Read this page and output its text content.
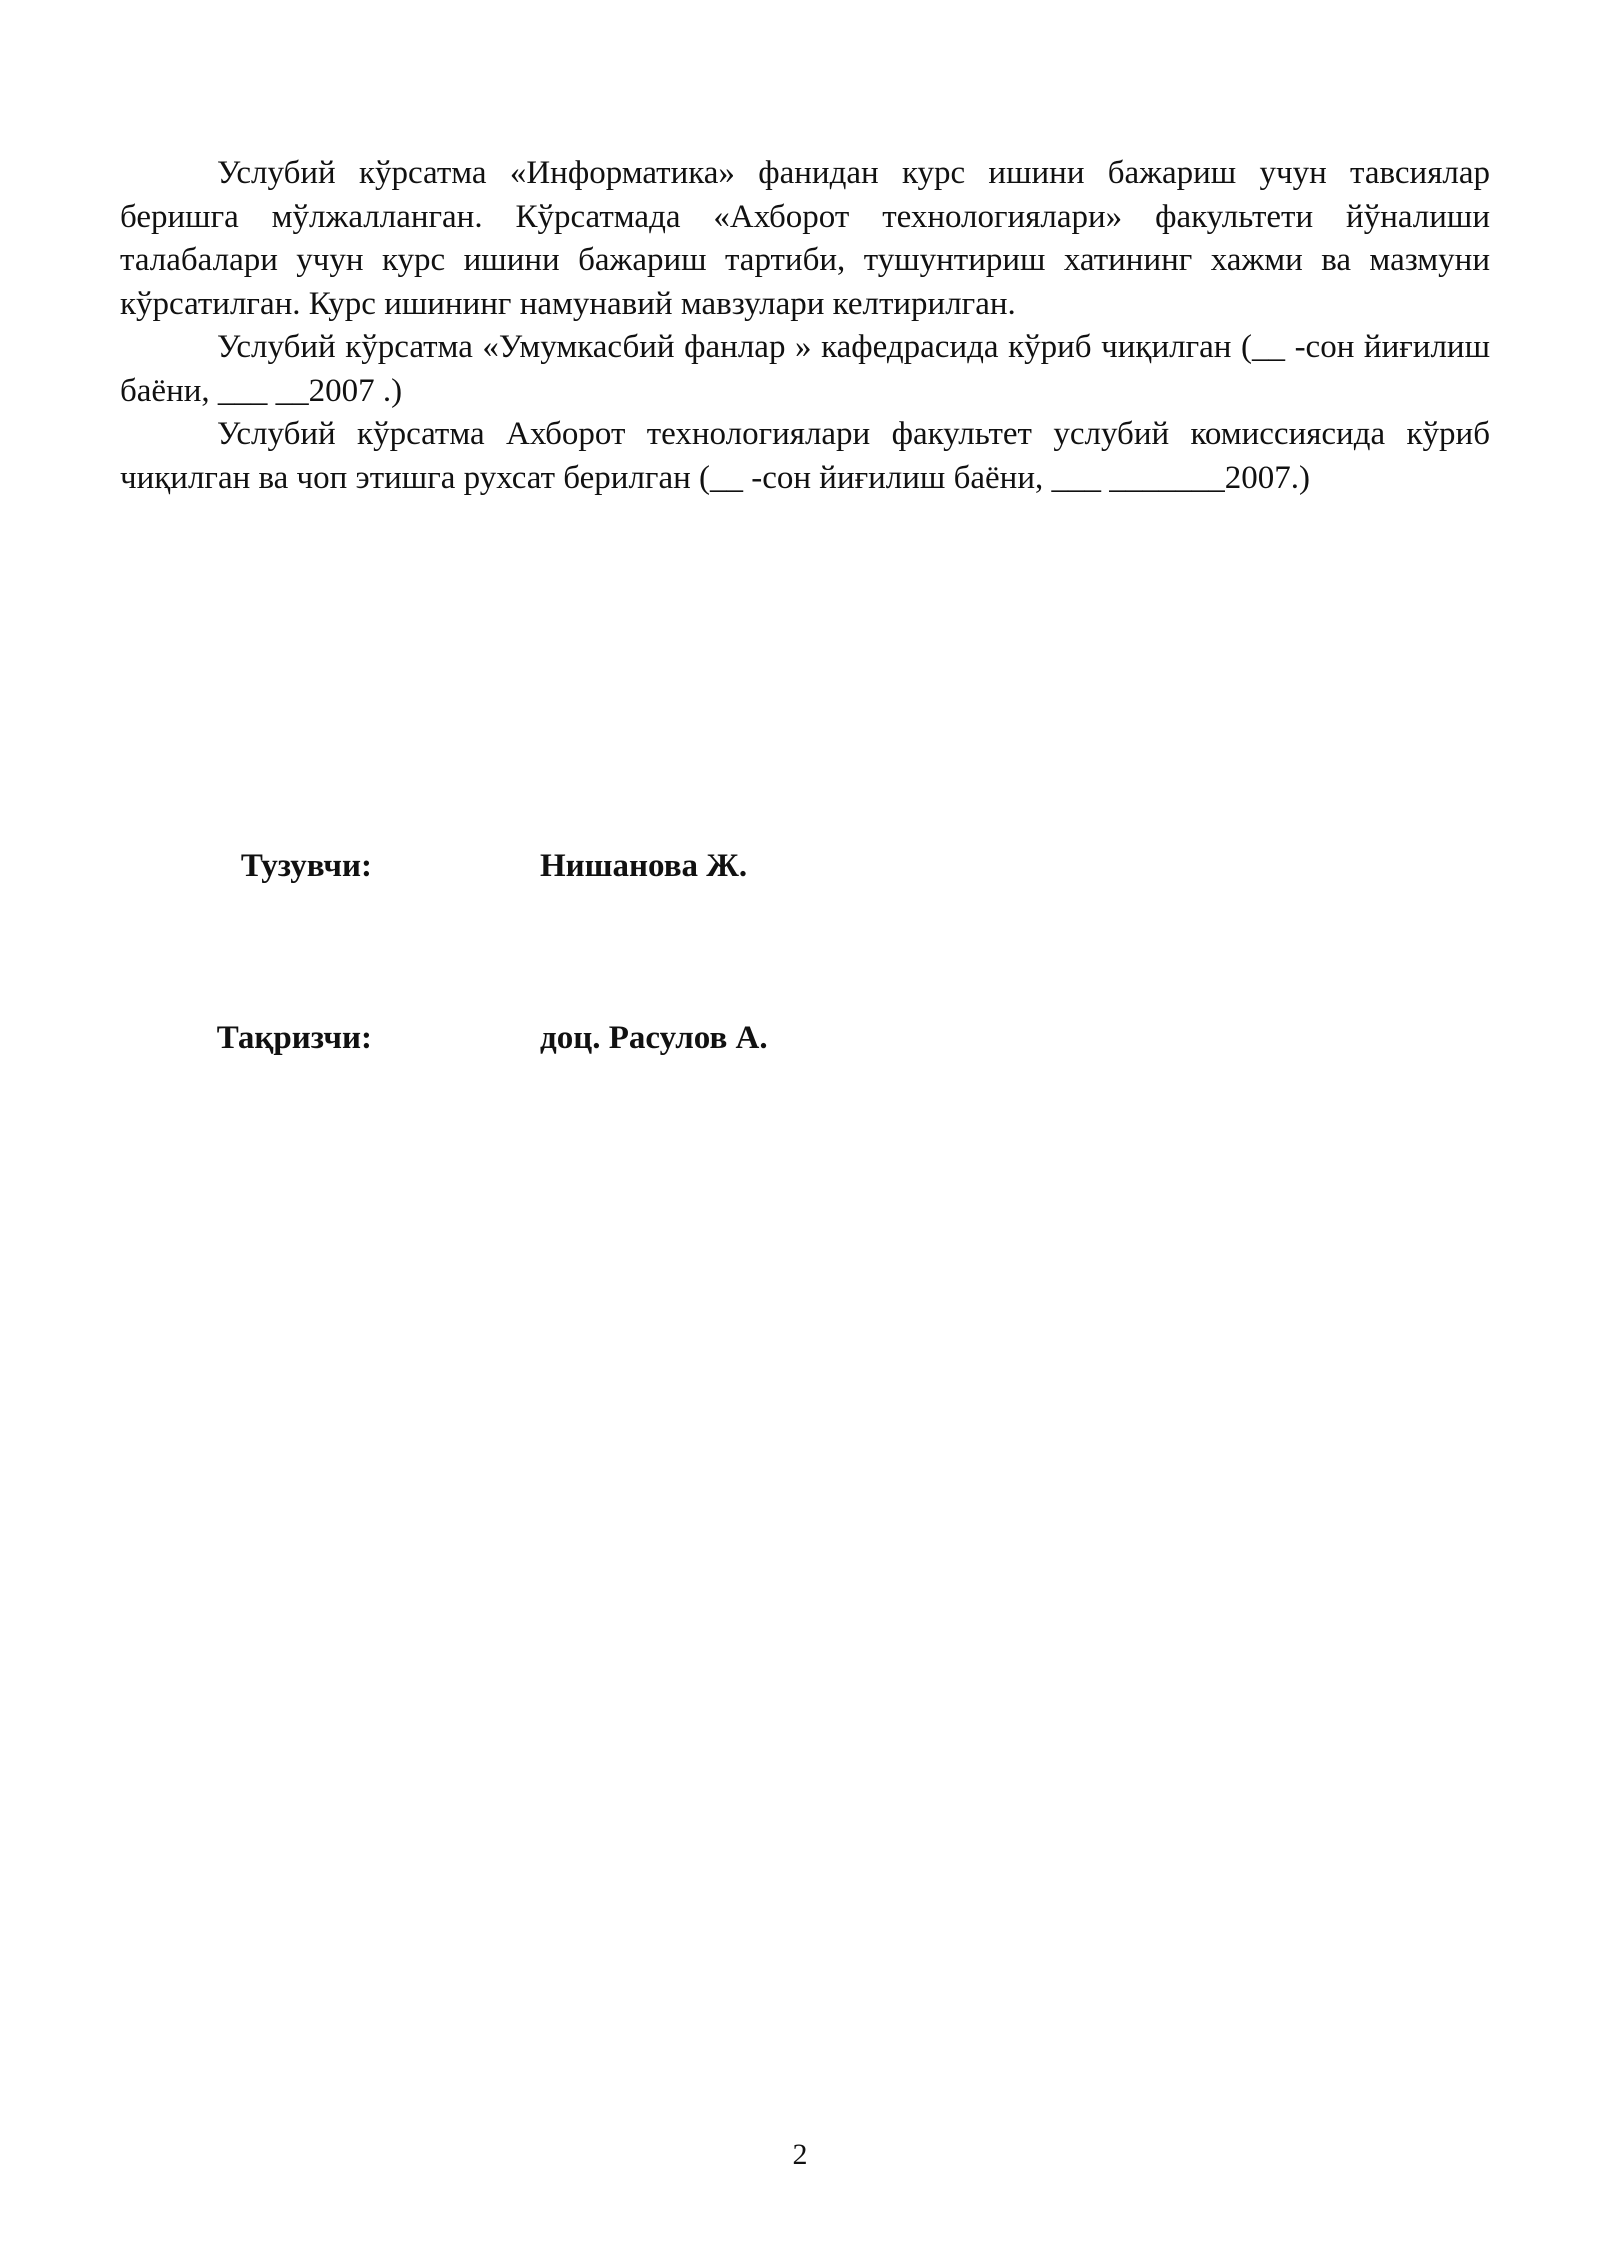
Услубий кўрсатма «Информатика» фанидан курс ишини бажариш учун тавсиялар беришга мўлжалланган. Кўрсатмада «Ахборот технологиялари» факультети йўналиши талабалари учун курс ишини бажариш тартиби, тушунтириш хатининг хажми ва мазмуни кўрсатилган. Курс ишининг намунавий мавзулари келтирилган.

Услубий кўрсатма «Умумкасбий фанлар » кафедрасида кўриб чиқилган (__ -сон йиғилиш баёни, ___ __2007 .)

Услубий кўрсатма Ахборот технологиялари факультет услубий комиссиясида кўриб чиқилган ва чоп этишга рухсат берилган (__ -сон йиғилиш баёни, ___ _______2007.)

Тузувчи:	Нишанова Ж.
Тақризчи:	доц. Расулов А.
2
